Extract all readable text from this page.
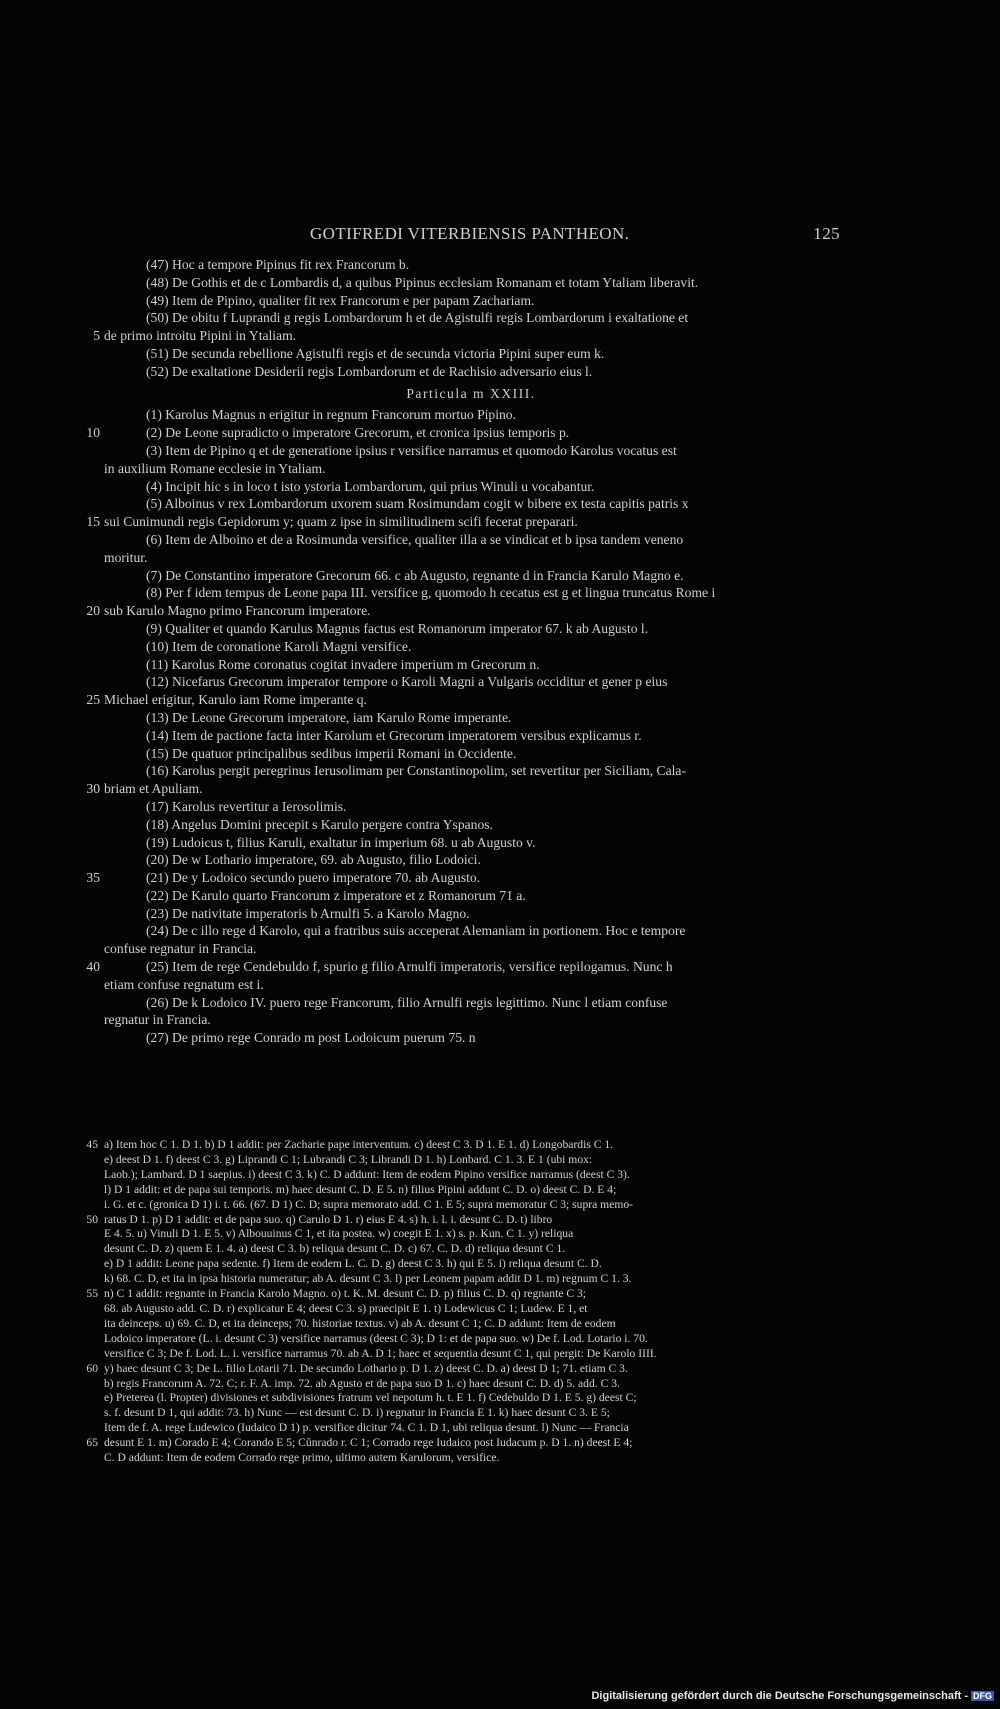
GOTIFREDI VITERBIENSIS PANTHEON.	125
(47) Hoc a tempore Pipinus fit rex Francorum b.
(48) De Gothis et de c Lombardis d, a quibus Pipinus ecclesiam Romanam et totam Ytaliam liberavit.
(49) Item de Pipino, qualiter fit rex Francorum e per papam Zachariam.
(50) De obitu f Luprandi g regis Lombardorum h et de Agistulfi regis Lombardorum i exaltatione et
5 de primo introitu Pipini in Ytaliam.
(51) De secunda rebellione Agistulfi regis et de secunda victoria Pipini super eum k.
(52) De exaltatione Desiderii regis Lombardorum et de Rachisio adversario eius l.
Particula m XXIII.
(1) Karolus Magnus n erigitur in regnum Francorum mortuo Pipino.
10	(2) De Leone supradicto o imperatore Grecorum, et cronica ipsius temporis p.
(3) Item de Pipino q et de generatione ipsius r versifice narramus et quomodo Karolus vocatus est
in auxilium Romane ecclesie in Ytaliam.
(4) Incipit hic s in loco t isto ystoria Lombardorum, qui prius Winuli u vocabantur.
(5) Alboinus v rex Lombardorum uxorem suam Rosimundam cogit w bibere ex testa capitis patris x
15 sui Cunimundi regis Gepidorum y; quam z ipse in similitudinem scifi fecerat preparari.
(6) Item de Alboino et de a Rosimunda versifice, qualiter illa a se vindicat et b ipsa tandem veneno
moritur.
(7) De Constantino imperatore Grecorum 66. c ab Augusto, regnante d in Francia Karulo Magno e.
(8) Per f idem tempus de Leone papa III. versifice g, quomodo h cecatus est g et lingua truncatus Rome i
20 sub Karulo Magno primo Francorum imperatore.
(9) Qualiter et quando Karulus Magnus factus est Romanorum imperator 67. k ab Augusto l.
(10) Item de coronatione Karoli Magni versifice.
(11) Karolus Rome coronatus cogitat invadere imperium m Grecorum n.
(12) Nicefarus Grecorum imperator tempore o Karoli Magni a Vulgaris occiditur et gener p eius
25 Michael erigitur, Karulo iam Rome imperante q.
(13) De Leone Grecorum imperatore, iam Karulo Rome imperante.
(14) Item de pactione facta inter Karolum et Grecorum imperatorem versibus explicamus r.
(15) De quatuor principalibus sedibus imperii Romani in Occidente.
(16) Karolus pergit peregrinus Ierusolimam per Constantinopolim, set revertitur per Siciliam, Cala-
30 briam et Apuliam.
(17) Karolus revertitur a Ierosolimis.
(18) Angelus Domini precepit s Karulo pergere contra Yspanos.
(19) Ludoicus t, filius Karuli, exaltatur in imperium 68. u ab Augusto v.
(20) De w Lothario imperatore, 69. ab Augusto, filio Lodoici.
35	(21) De y Lodoico secundo puero imperatore 70. ab Augusto.
(22) De Karulo quarto Francorum z imperatore et z Romanorum 71 a.
(23) De nativitate imperatoris b Arnulfi 5. a Karolo Magno.
(24) De c illo rege d Karolo, qui a fratribus suis acceperat Alemaniam in portionem. Hoc e tempore
confuse regnatur in Francia.
40	(25) Item de rege Cendebuldo f, spurio g filio Arnulfi imperatoris, versifice repilogamus. Nunc h
etiam confuse regnatum est i.
(26) De k Lodoico IV. puero rege Francorum, filio Arnulfi regis legittimo. Nunc l etiam confuse
regnatur in Francia.
(27) De primo rege Conrado m post Lodoicum puerum 75. n
45 a) Item hoc C 1. D 1. b) D 1 addit: per Zacharie pape interventum. c) deest C 3. D 1. E 1. d) Longobardis C 1.
e) deest D 1. f) deest C 3. g) Liprandi C 1; Lubrandi C 3; Librandi D 1. h) Lonbard. C 1. 3. E 1 (ubi mox:
Laob.); Lambard. D 1 saepius. i) deest C 3. k) C. D addunt: Item de eodem Pipino versifice narramus (deest C 3).
l) D 1 addit: et de papa sui temporis. m) haec desunt C. D. E 5. n) filius Pipini addunt C. D. o) deest C. D. E 4;
i. G. et c. (gronica D 1) i. t. 66. (67. D 1) C. D; supra memorato add. C 1. E 5; supra memoratur C 3; supra memo-
50 ratus D 1. p) D 1 addit: et de papa suo. q) Carulo D 1. r) eius E 4. s) h. i. l. i. desunt C. D. t) libro
E 4. 5. u) Vinuli D 1. E 5. v) Albouuinus C 1, et ita postea. w) coegit E 1. x) s. p. Kun. C 1. y) reliqua
desunt C. D. z) quem E 1. 4. a) deest C 3. b) reliqua desunt C. D. c) 67. C. D. d) reliqua desunt C 1.
e) D 1 addit: Leone papa sedente. f) Item de eodem L. C. D. g) deest C 3. h) qui E 5. i) reliqua desunt C. D.
k) 68. C. D, et ita in ipsa historia numeratur; ab A. desunt C 3. l) per Leonem papam addit D 1. m) regnum C 1. 3.
55 n) C 1 addit: regnante in Francia Karolo Magno. o) t. K. M. desunt C. D. p) filius C. D. q) regnante C 3;
68. ab Augusto add. C. D. r) explicatur E 4; deest C 3. s) praecipit E 1. t) Lodewicus C 1; Ludew. E 1, et
ita deinceps. u) 69. C. D, et ita deinceps; 70. historiae textus. v) ab A. desunt C 1; C. D addunt: Item de eodem
Lodoico imperatore (L. i. desunt C 3) versifice narramus (deest C 3); D 1: et de papa suo. w) De f. Lod. Lotario i. 70.
versifice C 3; De f. Lod. L. i. versifice narramus 70. ab A. D 1; haec et sequentia desunt C 1, qui pergit: De Karolo IIII.
60 y) haec desunt C 3; De L. filio Lotarii 71. De secundo Lothario p. D 1. z) deest C. D. a) deest D 1; 71. etiam C 3.
b) regis Francorum A. 72. C; r. F. A. imp. 72. ab Agusto et de papa suo D 1. c) haec desunt C. D. d) 5. add. C 3.
e) Preterea (l. Propter) divisiones et subdivisiones fratrum vel nepotum h. t. E 1. f) Cedebuldo D 1. E 5. g) deest C;
s. f. desunt D 1, qui addit: 73. h) Nunc — est desunt C. D. i) regnatur in Francia E 1. k) haec desunt C 3. E 5;
Item de f. A. rege Ludewico (Iudaico D 1) p. versifice dicitur 74. C 1. D 1, ubi reliqua desunt. l) Nunc — Francia
65 desunt E 1. m) Corado E 4; Corando E 5; Cŭnrado r. C 1; Corrado rege Iudaico post Iudacum p. D 1. n) deest E 4;
C. D addunt: Item de eodem Corrado rege primo, ultimo autem Karulorum, versifice.
Digitalisierung gefördert durch die Deutsche Forschungsgemeinschaft - DFG
